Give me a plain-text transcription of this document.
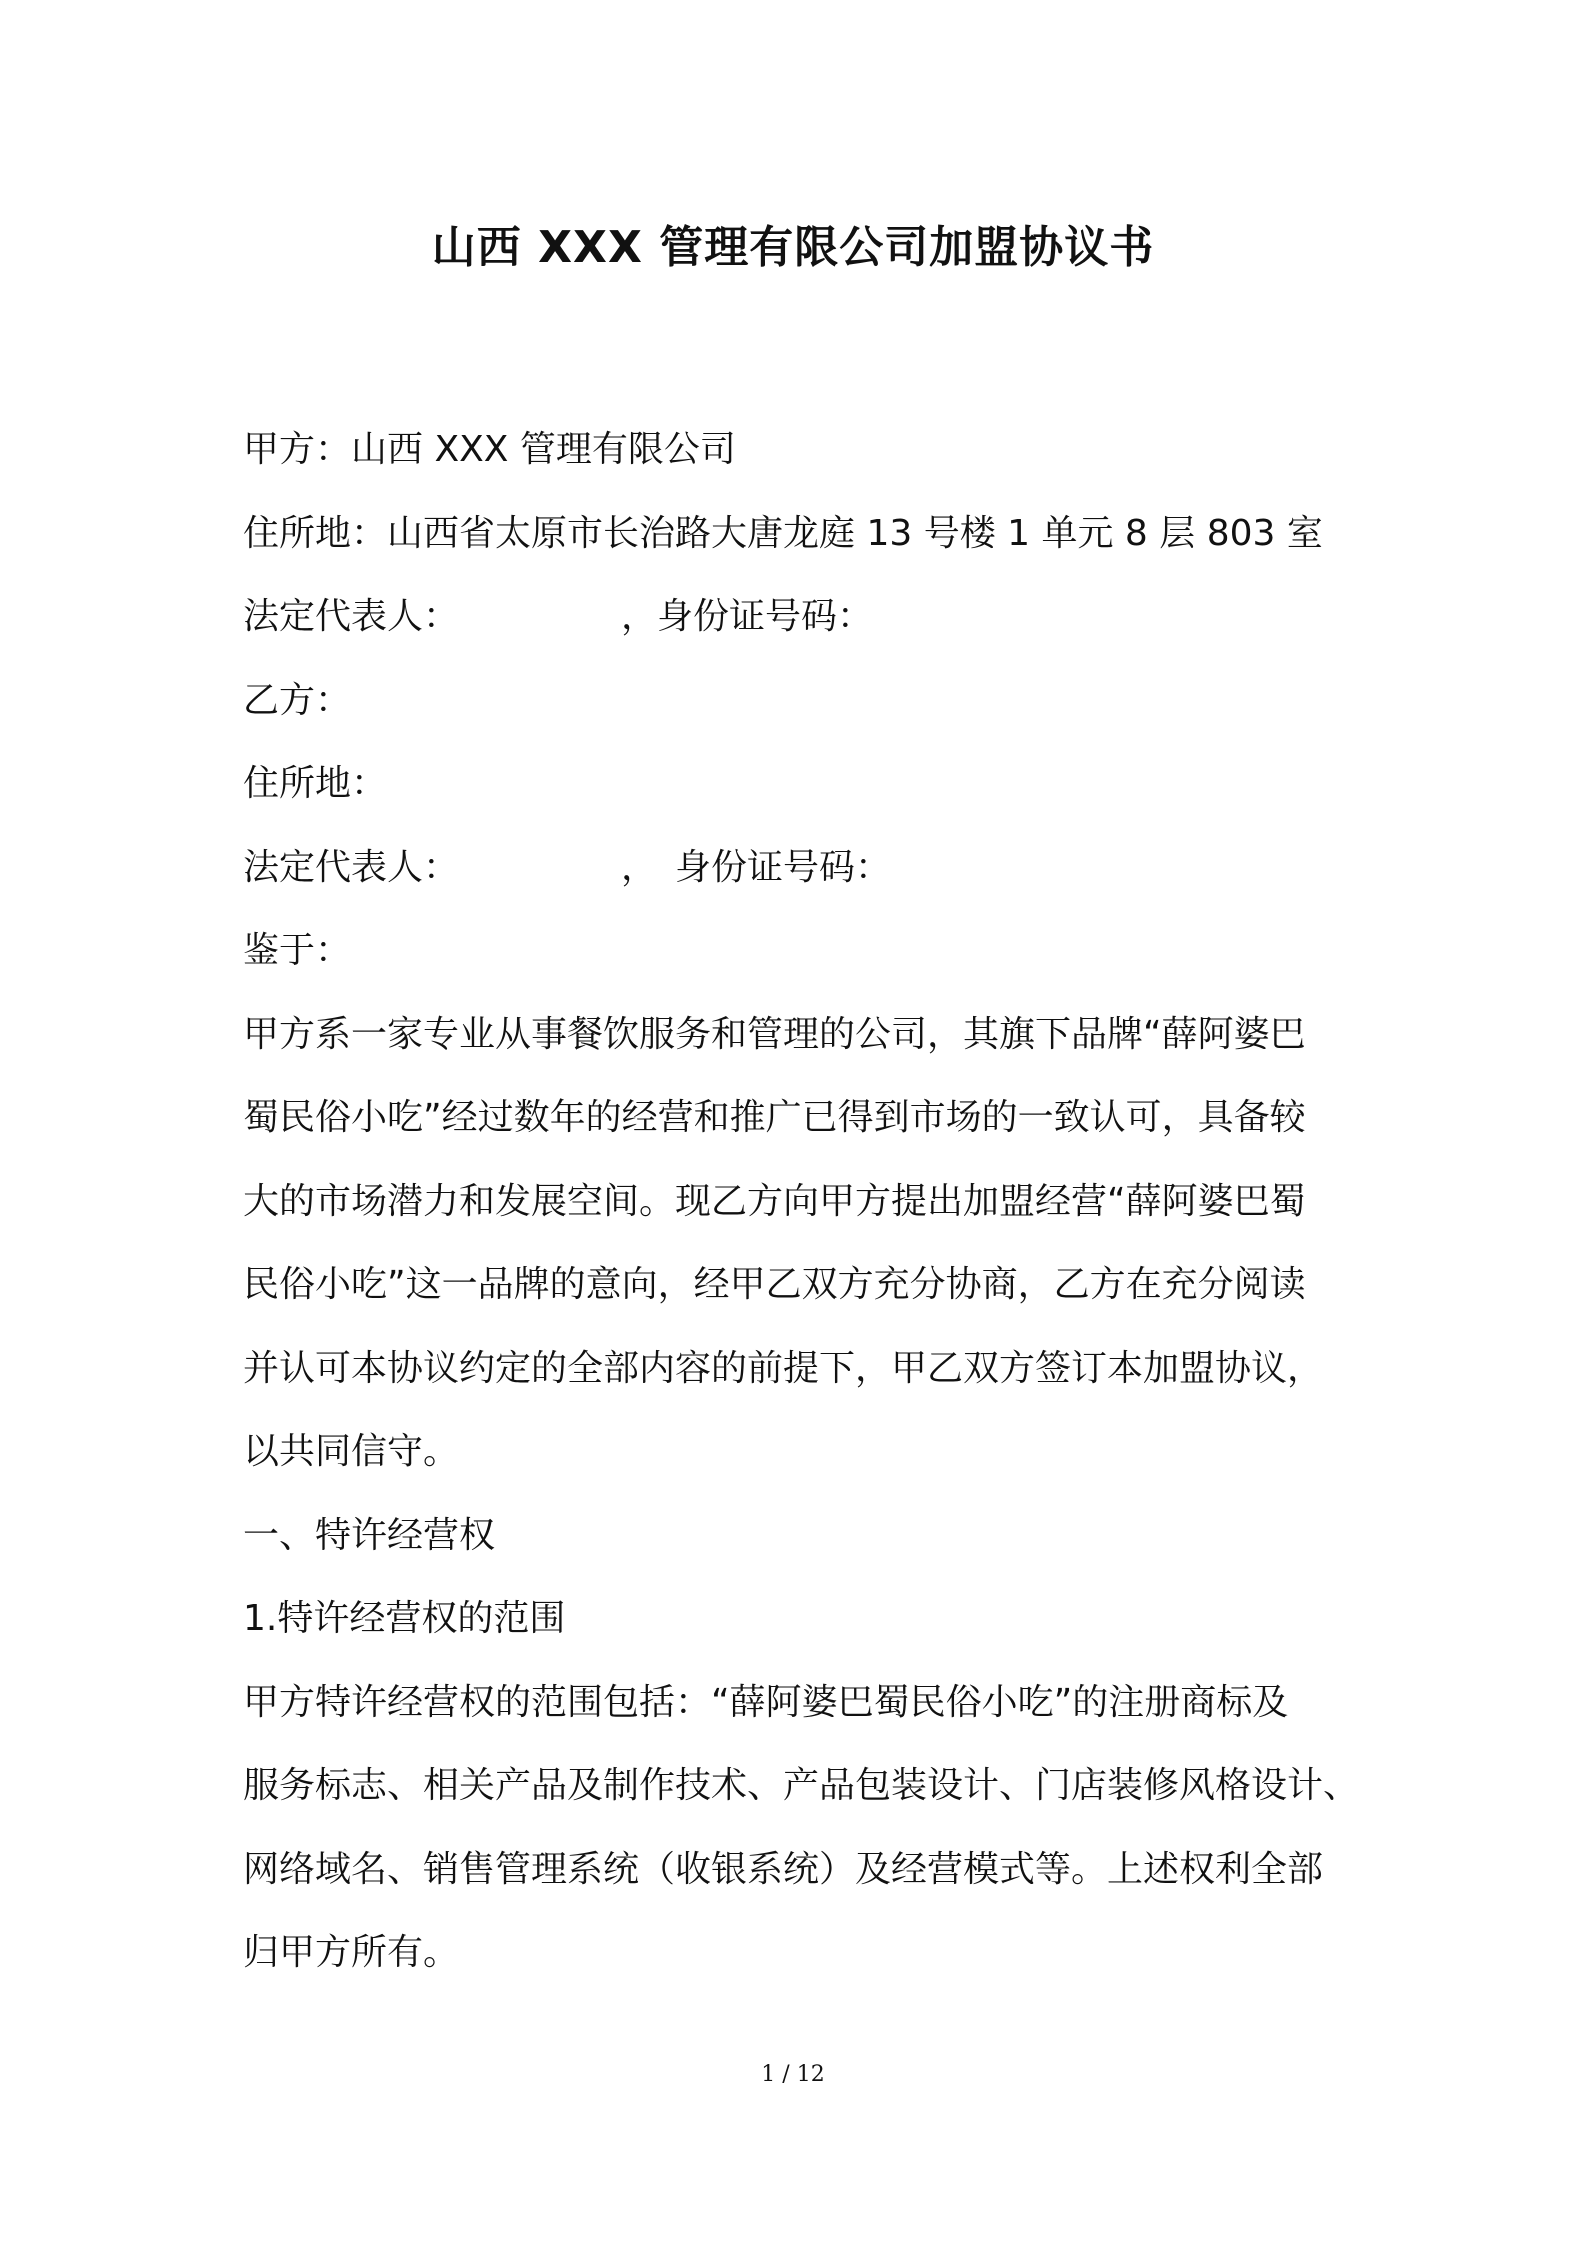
山西 XXX 管理有限公司加盟协议书
甲方：山西 XXX 管理有限公司
住所地：山西省太原市长治路大唐龙庭 13 号楼 1 单元 8 层 803 室
法定代表人：　　　　　，身份证号码：
乙方：
住所地：
法定代表人：　　　　　，　身份证号码：
鉴于：
甲方系一家专业从事餐饮服务和管理的公司，其旗下品牌“薛阿婆巴
蜀民俗小吃”经过数年的经营和推广已得到市场的一致认可，具备较
大的市场潜力和发展空间。现乙方向甲方提出加盟经营“薛阿婆巴蜀
民俗小吃”这一品牌的意向，经甲乙双方充分协商，乙方在充分阅读
并认可本协议约定的全部内容的前提下，甲乙双方签订本加盟协议，
以共同信守。
一、特许经营权
1.特许经营权的范围
甲方特许经营权的范围包括：“薛阿婆巴蜀民俗小吃”的注册商标及
服务标志、相关产品及制作技术、产品包装设计、门店装修风格设计、
网络域名、销售管理系统（收银系统）及经营模式等。上述权利全部
归甲方所有。
1 / 12
